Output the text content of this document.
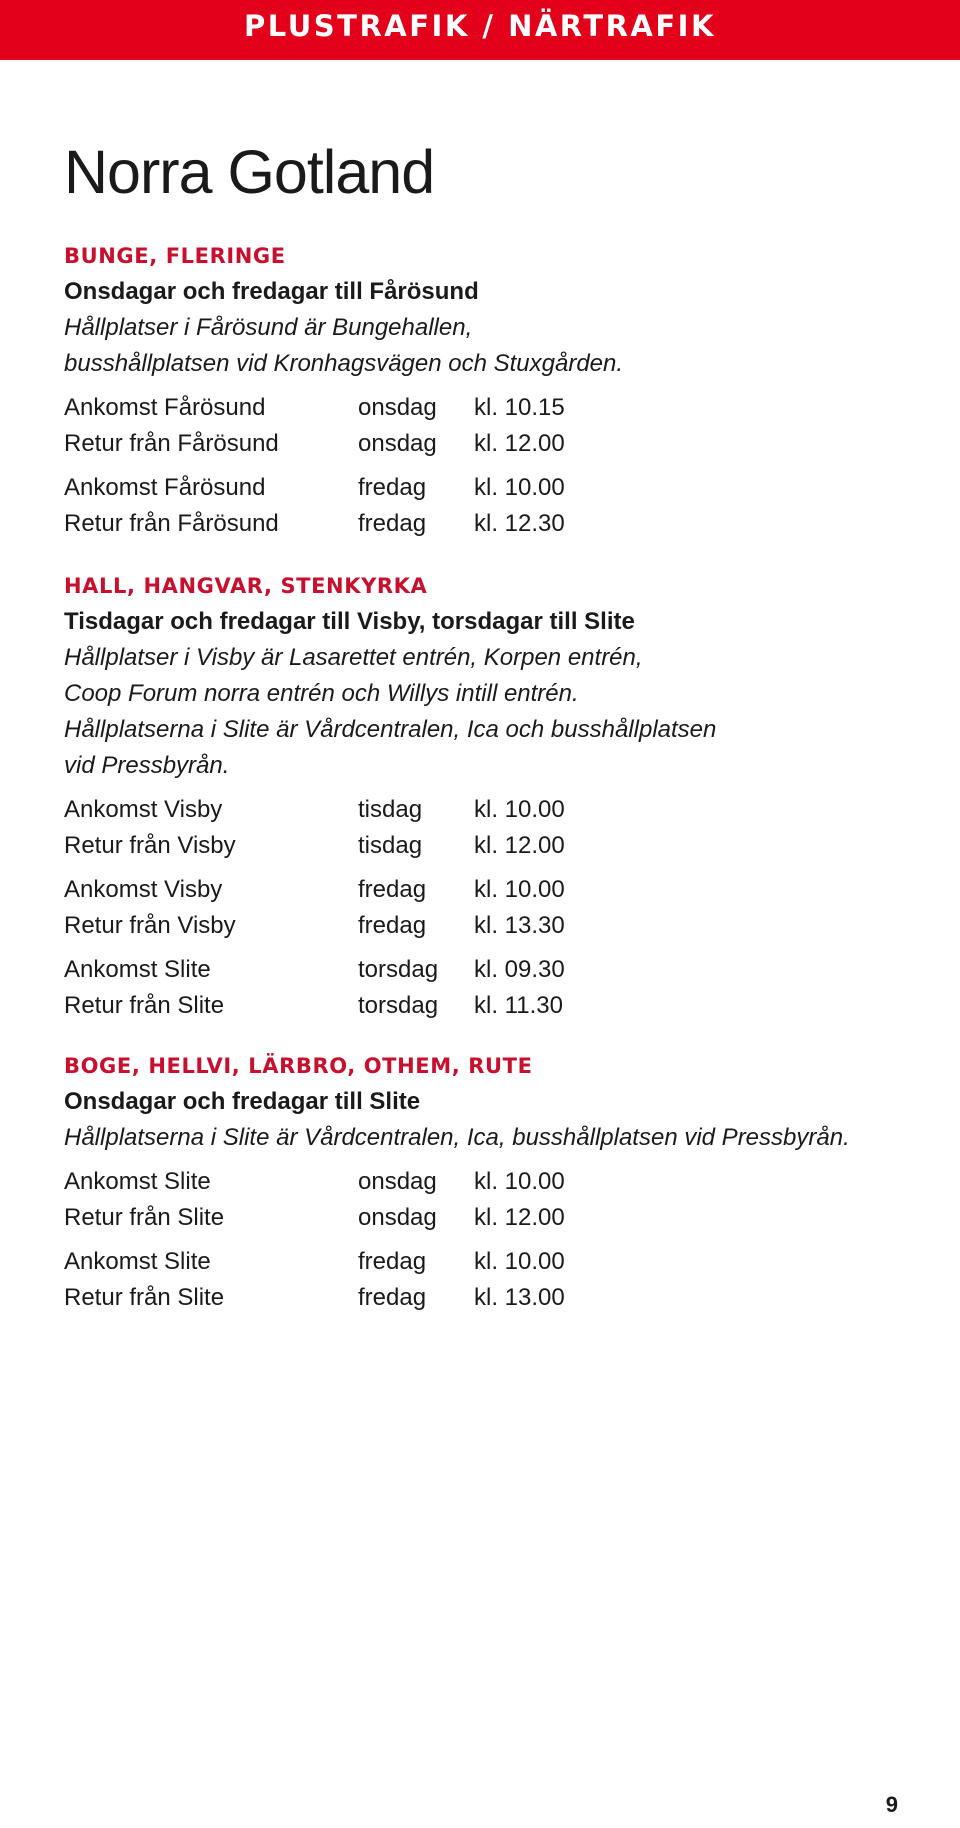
PLUSTRAFIK / NÄRTRAFIK
Norra Gotland
BUNGE, FLERINGE
Onsdagar och fredagar till Fårösund
Hållplatser i Fårösund är Bungehallen,
busshållplatsen vid Kronhagsvägen och Stuxgården.
Ankomst Fårösund	onsdag kl. 10.15
Retur från Fårösund	onsdag kl. 12.00
Ankomst Fårösund	fredag kl. 10.00
Retur från Fårösund	fredag kl. 12.30
HALL, HANGVAR, STENKYRKA
Tisdagar och fredagar till Visby, torsdagar till Slite
Hållplatser i Visby är Lasarettet entrén, Korpen entrén,
Coop Forum norra entrén och Willys intill entrén.
Hållplatserna i Slite är Vårdcentralen, Ica och busshållplatsen
vid Pressbyrån.
Ankomst Visby	tisdag kl. 10.00
Retur från Visby	tisdag kl. 12.00
Ankomst Visby	fredag kl. 10.00
Retur från Visby	fredag kl. 13.30
Ankomst Slite	torsdag kl. 09.30
Retur från Slite	torsdag kl. 11.30
BOGE, HELLVI, LÄRBRO, OTHEM, RUTE
Onsdagar och fredagar till Slite
Hållplatserna i Slite är Vårdcentralen, Ica, busshållplatsen vid Pressbyrån.
Ankomst Slite	onsdag kl. 10.00
Retur från Slite	onsdag kl. 12.00
Ankomst Slite	fredag kl. 10.00
Retur från Slite	fredag kl. 13.00
9
